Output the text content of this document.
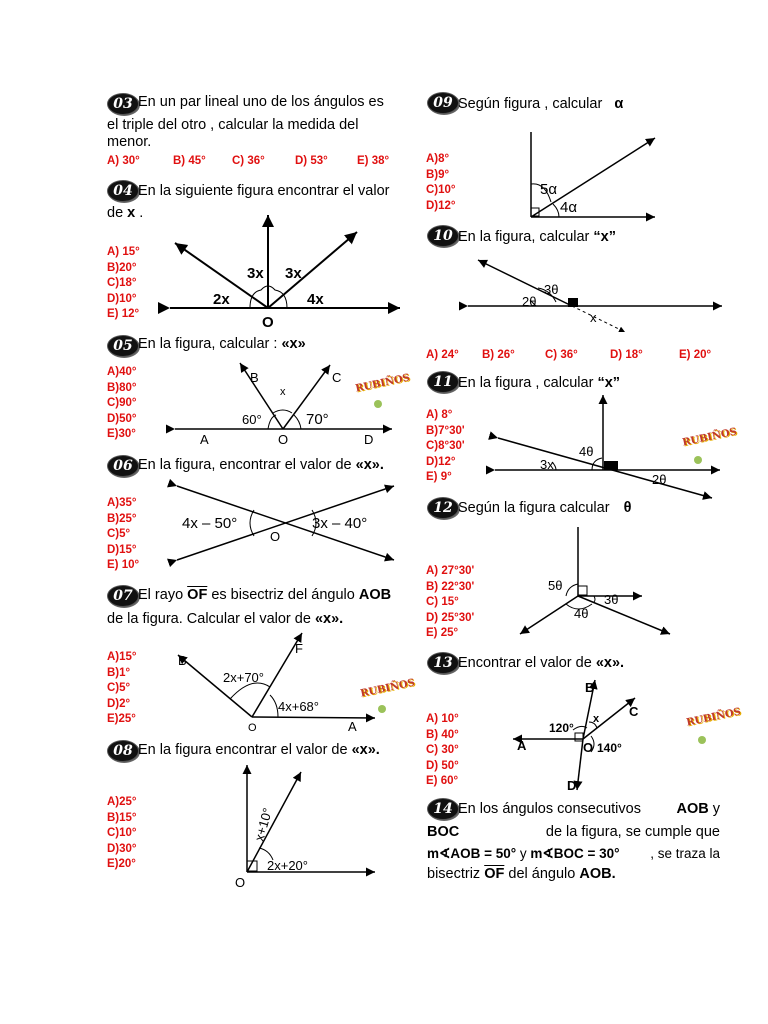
03 En un par lineal uno de los ángulos es
el triple del otro , calcular la medida del
menor.
A) 30°	B) 45° C) 36°	D) 53°	E) 38°
04 En la siguiente figura encontrar el valor
de x .
A) 15°
B)20°
C)18°
D)10°
E) 12°
3x 3x
2x	4x
O
05 En la figura, calcular : «x»
A)40°
B)80°
C)90°
D)50°
E)30°
B	C
x
60°	70°
A	O	D
06 En la figura, encontrar el valor de «x».
A)35°
B)25°
C)5°
D)15°
E) 10°
4x – 50°	3x – 40°
O
07 El rayo $\overline{OF}$ es bisectriz del ángulo AOB
de la figura. Calcular el valor de «x».
A)15°
B)1°
C)5°
D)2°
E)25°
B
F
2x+70°
4x+68°
O	A
08 En la figura encontrar el valor de «x».
A)25°
B)15°
C)10°
D)30°
E)20°
x+10°
2x+20°
O
RUBIÑOS
RUBIÑOS
09 Según figura , calcular α
A)8°
B)9°
C)10°
D)12°
5α
4α
10 En la figura, calcular “x”
3θ
2θ
x
A) 24° B) 26°	C) 36°	D) 18°	E) 20°
11 En la figura , calcular “x”
A) 8°
B)7°30'
C)8°30'
D)12°
E) 9°
4θ
3x
2θ
RUBIÑOS
12 Según la figura calcular θ
A) 27°30'
B) 22°30'
C) 15°
D) 25°30'
E) 25°
5θ
3θ
4θ
13 Encontrar el valor de «x».
A) 10°
B) 40°
C) 30°
D) 50°
E) 60°
B
C
x
120°
140°
A	O
D
RUBIÑOS
14 En los ángulos consecutivos AOB y
BOC	de la figura, se cumple que
m∢AOB = 50° y m∢BOC = 30° , se traza la
bisectriz $\overline{OF}$ del ángulo AOB.
